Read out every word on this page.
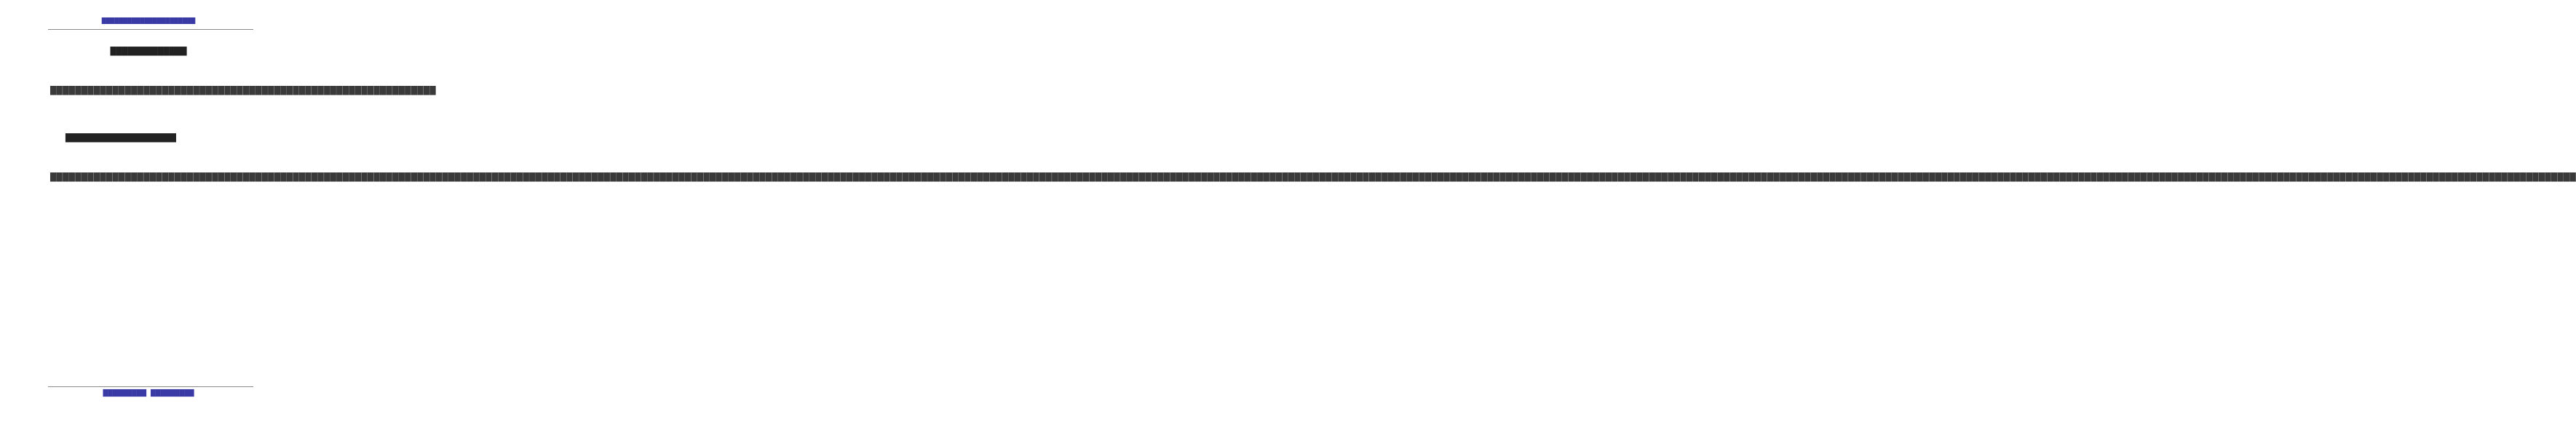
██████████████████████
█████████████

██████████████████████████████████████████████████████████████

███████████████████

██████████████████████████████████████████████████████████████████████████████████████████████████████████████████████████████████████████████████████████████████████████████████████████████████████████████████████████████████████████████████████████████████████████████████████████████████████████████████████████████████████████████████████████████████████████████████████████████████████████████████████

█████████ █████████
